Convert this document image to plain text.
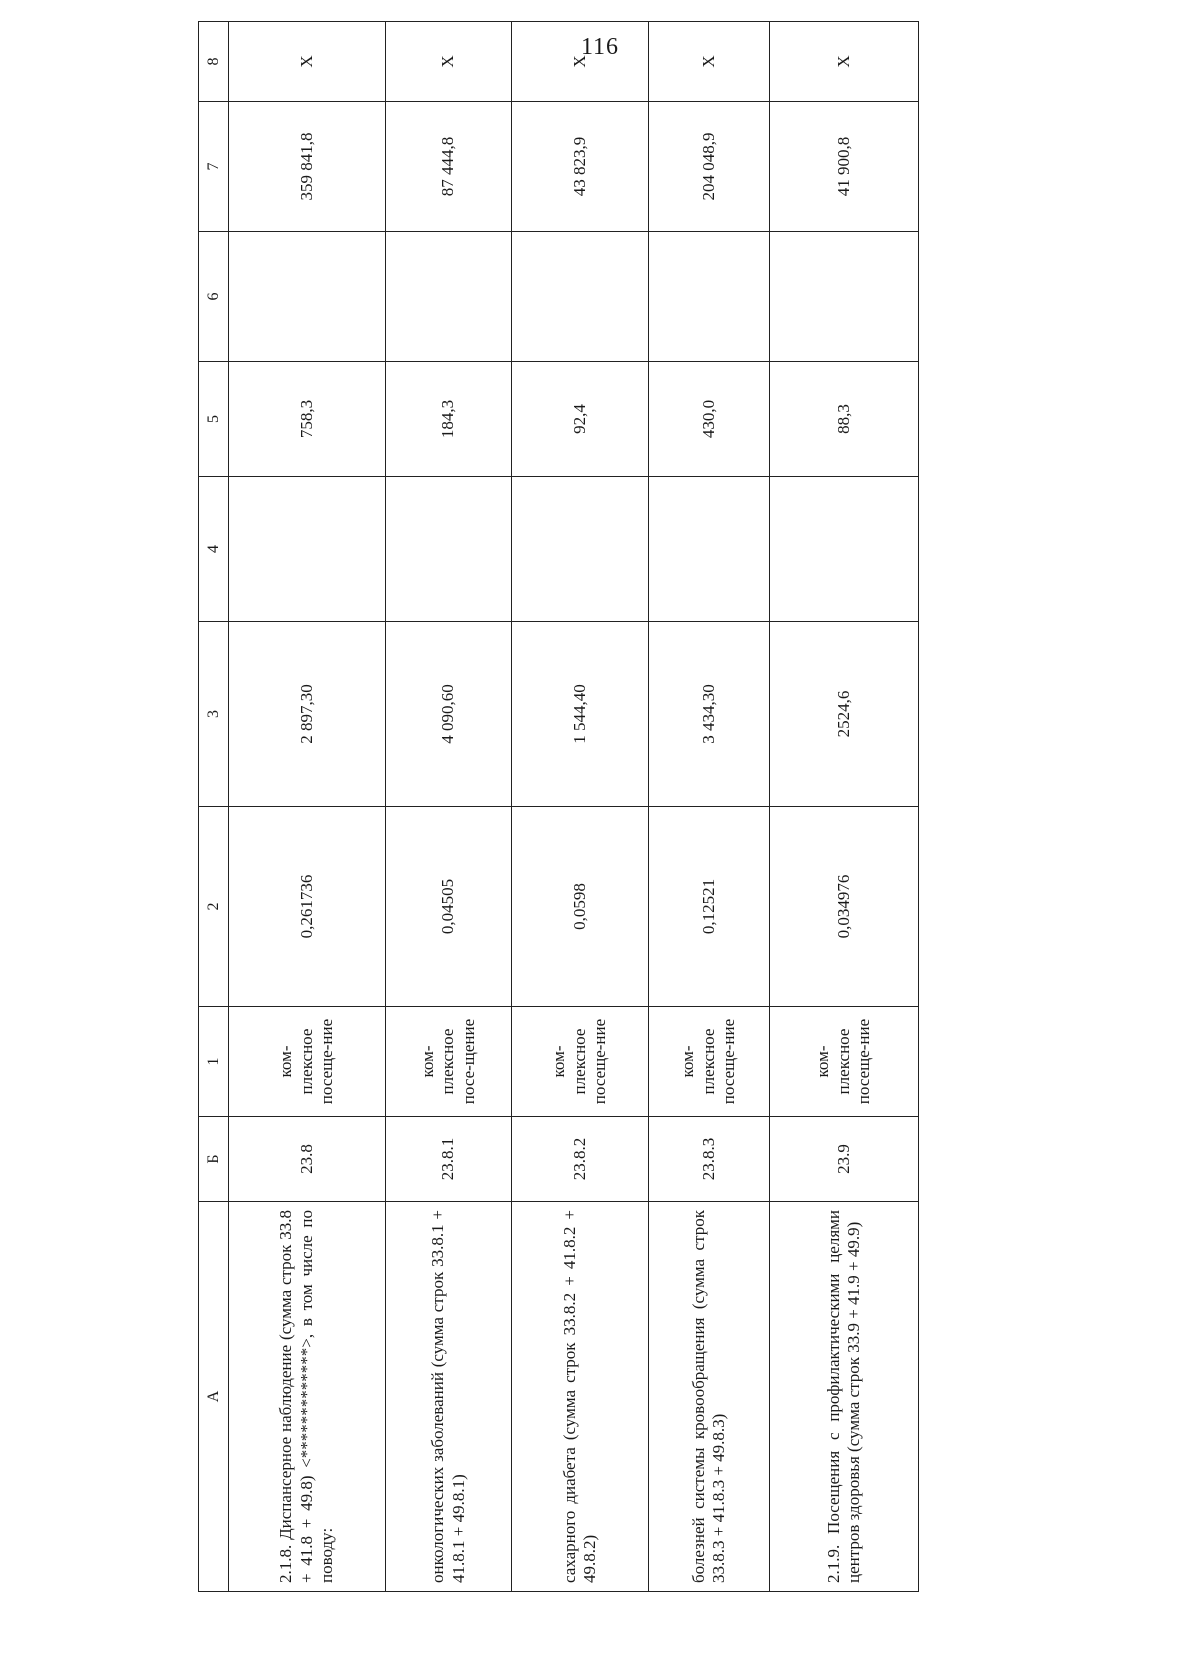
116
А	Б	1	2	3	4	5	6	7	8
2.1.8. Диспансерное наблюдение (сумма строк 33.8 + 41.8 + 49.8) <*************>, в том числе по поводу:	23.8	ком-плексное посеще-ние	0,261736	2 897,30		758,3		359 841,8	Х
онкологических заболеваний (сумма строк 33.8.1 + 41.8.1 + 49.8.1)	23.8.1	ком-плексное посе-щение	0,04505	4 090,60		184,3		87 444,8	Х
сахарного диабета (сумма строк 33.8.2 + 41.8.2 + 49.8.2)	23.8.2	ком-плексное посеще-ние	0,0598	1 544,40		92,4		43 823,9	Х
болезней системы кровообращения (сумма строк 33.8.3 + 41.8.3 + 49.8.3)	23.8.3	ком-плексное посеще-ние	0,12521	3 434,30		430,0		204 048,9	Х
2.1.9. Посещения с профилактическими целями центров здоровья (сумма строк 33.9 + 41.9 + 49.9)	23.9	ком-плексное посеще-ние	0,034976	2524,6		88,3		41 900,8	Х
